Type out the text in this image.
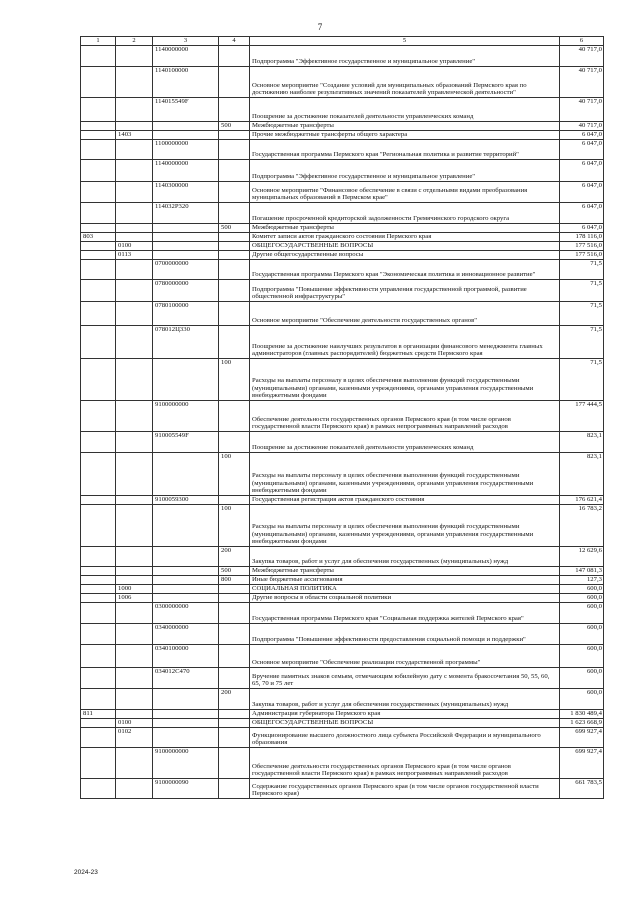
7
1	2	3	4	5	6
		1140000000		Подпрограмма "Эффективное государственное и муниципальное управление"	40 717,0
		1140100000		Основное мероприятие "Создание условий для муниципальных образований Пермского края по достижению наиболее результативных значений показателей управленческой деятельности"	40 717,0
		114015549F		Поощрение за достижение показателей деятельности управленческих команд	40 717,0
			500	Межбюджетные трансферты	40 717,0
	1403			Прочие межбюджетные трансферты общего характера	6 047,0
		1100000000		Государственная программа Пермского края "Региональная политика и развитие территорий"	6 047,0
		1140000000		Подпрограмма "Эффективное государственное и муниципальное управление"	6 047,0
		1140300000		Основное мероприятие "Финансовое обеспечение в связи с отдельными видами преобразования муниципальных образований в Пермском крае"	6 047,0
		114032P320		Погашение просроченной кредиторской задолженности Гремячинского городского округа	6 047,0
			500	Межбюджетные трансферты	6 047,0
803				Комитет записи актов гражданского состояния Пермского края	178 116,0
	0100			ОБЩЕГОСУДАРСТВЕННЫЕ ВОПРОСЫ	177 516,0
	0113			Другие общегосударственные вопросы	177 516,0
		0700000000		Государственная программа Пермского края "Экономическая политика и инновационное развитие"	71,5
		0780000000		Подпрограмма "Повышение эффективности управления государственной программой, развитие общественной инфраструктуры"	71,5
		0780100000		Основное мероприятие "Обеспечение деятельности государственных органов"	71,5
		078012Ц330		Поощрение за достижение наилучших результатов в организации финансового менеджмента главных администраторов (главных распорядителей) бюджетных средств Пермского края	71,5
			100	Расходы на выплаты персоналу в целях обеспечения выполнения функций государственными (муниципальными) органами, казенными учреждениями, органами управления государственными внебюджетными фондами	71,5
		9100000000		Обеспечение деятельности государственных органов Пермского края (в том числе органов государственной власти Пермского края) в рамках непрограммных направлений расходов	177 444,5
		910005549F		Поощрение за достижение показателей деятельности управленческих команд	823,1
			100	Расходы на выплаты персоналу в целях обеспечения выполнения функций государственными (муниципальными) органами, казенными учреждениями, органами управления государственными внебюджетными фондами	823,1
		9100059300		Государственная регистрация актов гражданского состояния	176 621,4
			100	Расходы на выплаты персоналу в целях обеспечения выполнения функций государственными (муниципальными) органами, казенными учреждениями, органами управления государственными внебюджетными фондами	16 783,2
			200	Закупка товаров, работ и услуг для обеспечения государственных (муниципальных) нужд	12 629,6
			500	Межбюджетные трансферты	147 081,3
			800	Иные бюджетные ассигнования	127,3
	1000			СОЦИАЛЬНАЯ ПОЛИТИКА	600,0
	1006			Другие вопросы в области социальной политики	600,0
		0300000000		Государственная программа Пермского края "Социальная поддержка жителей Пермского края"	600,0
		0340000000		Подпрограмма "Повышение эффективности предоставления социальной помощи и поддержки"	600,0
		0340100000		Основное мероприятие "Обеспечение реализации государственной программы"	600,0
		034012С470		Вручение памятных знаков семьям, отмечающим юбилейную дату с момента бракосочетания 50, 55, 60, 65, 70 и 75 лет	600,0
			200	Закупка товаров, работ и услуг для обеспечения государственных (муниципальных) нужд	600,0
811				Администрация губернатора Пермского края	1 830 489,4
	0100			ОБЩЕГОСУДАРСТВЕННЫЕ ВОПРОСЫ	1 623 668,9
	0102			Функционирование высшего должностного лица субъекта Российской Федерации и муниципального образования	699 927,4
		9100000000		Обеспечение деятельности государственных органов Пермского края (в том числе органов государственной власти Пермского края) в рамках непрограммных направлений расходов	699 927,4
		9100000090		Содержание государственных органов Пермского края (в том числе органов государственной власти Пермского края)	661 783,5
2024-23
